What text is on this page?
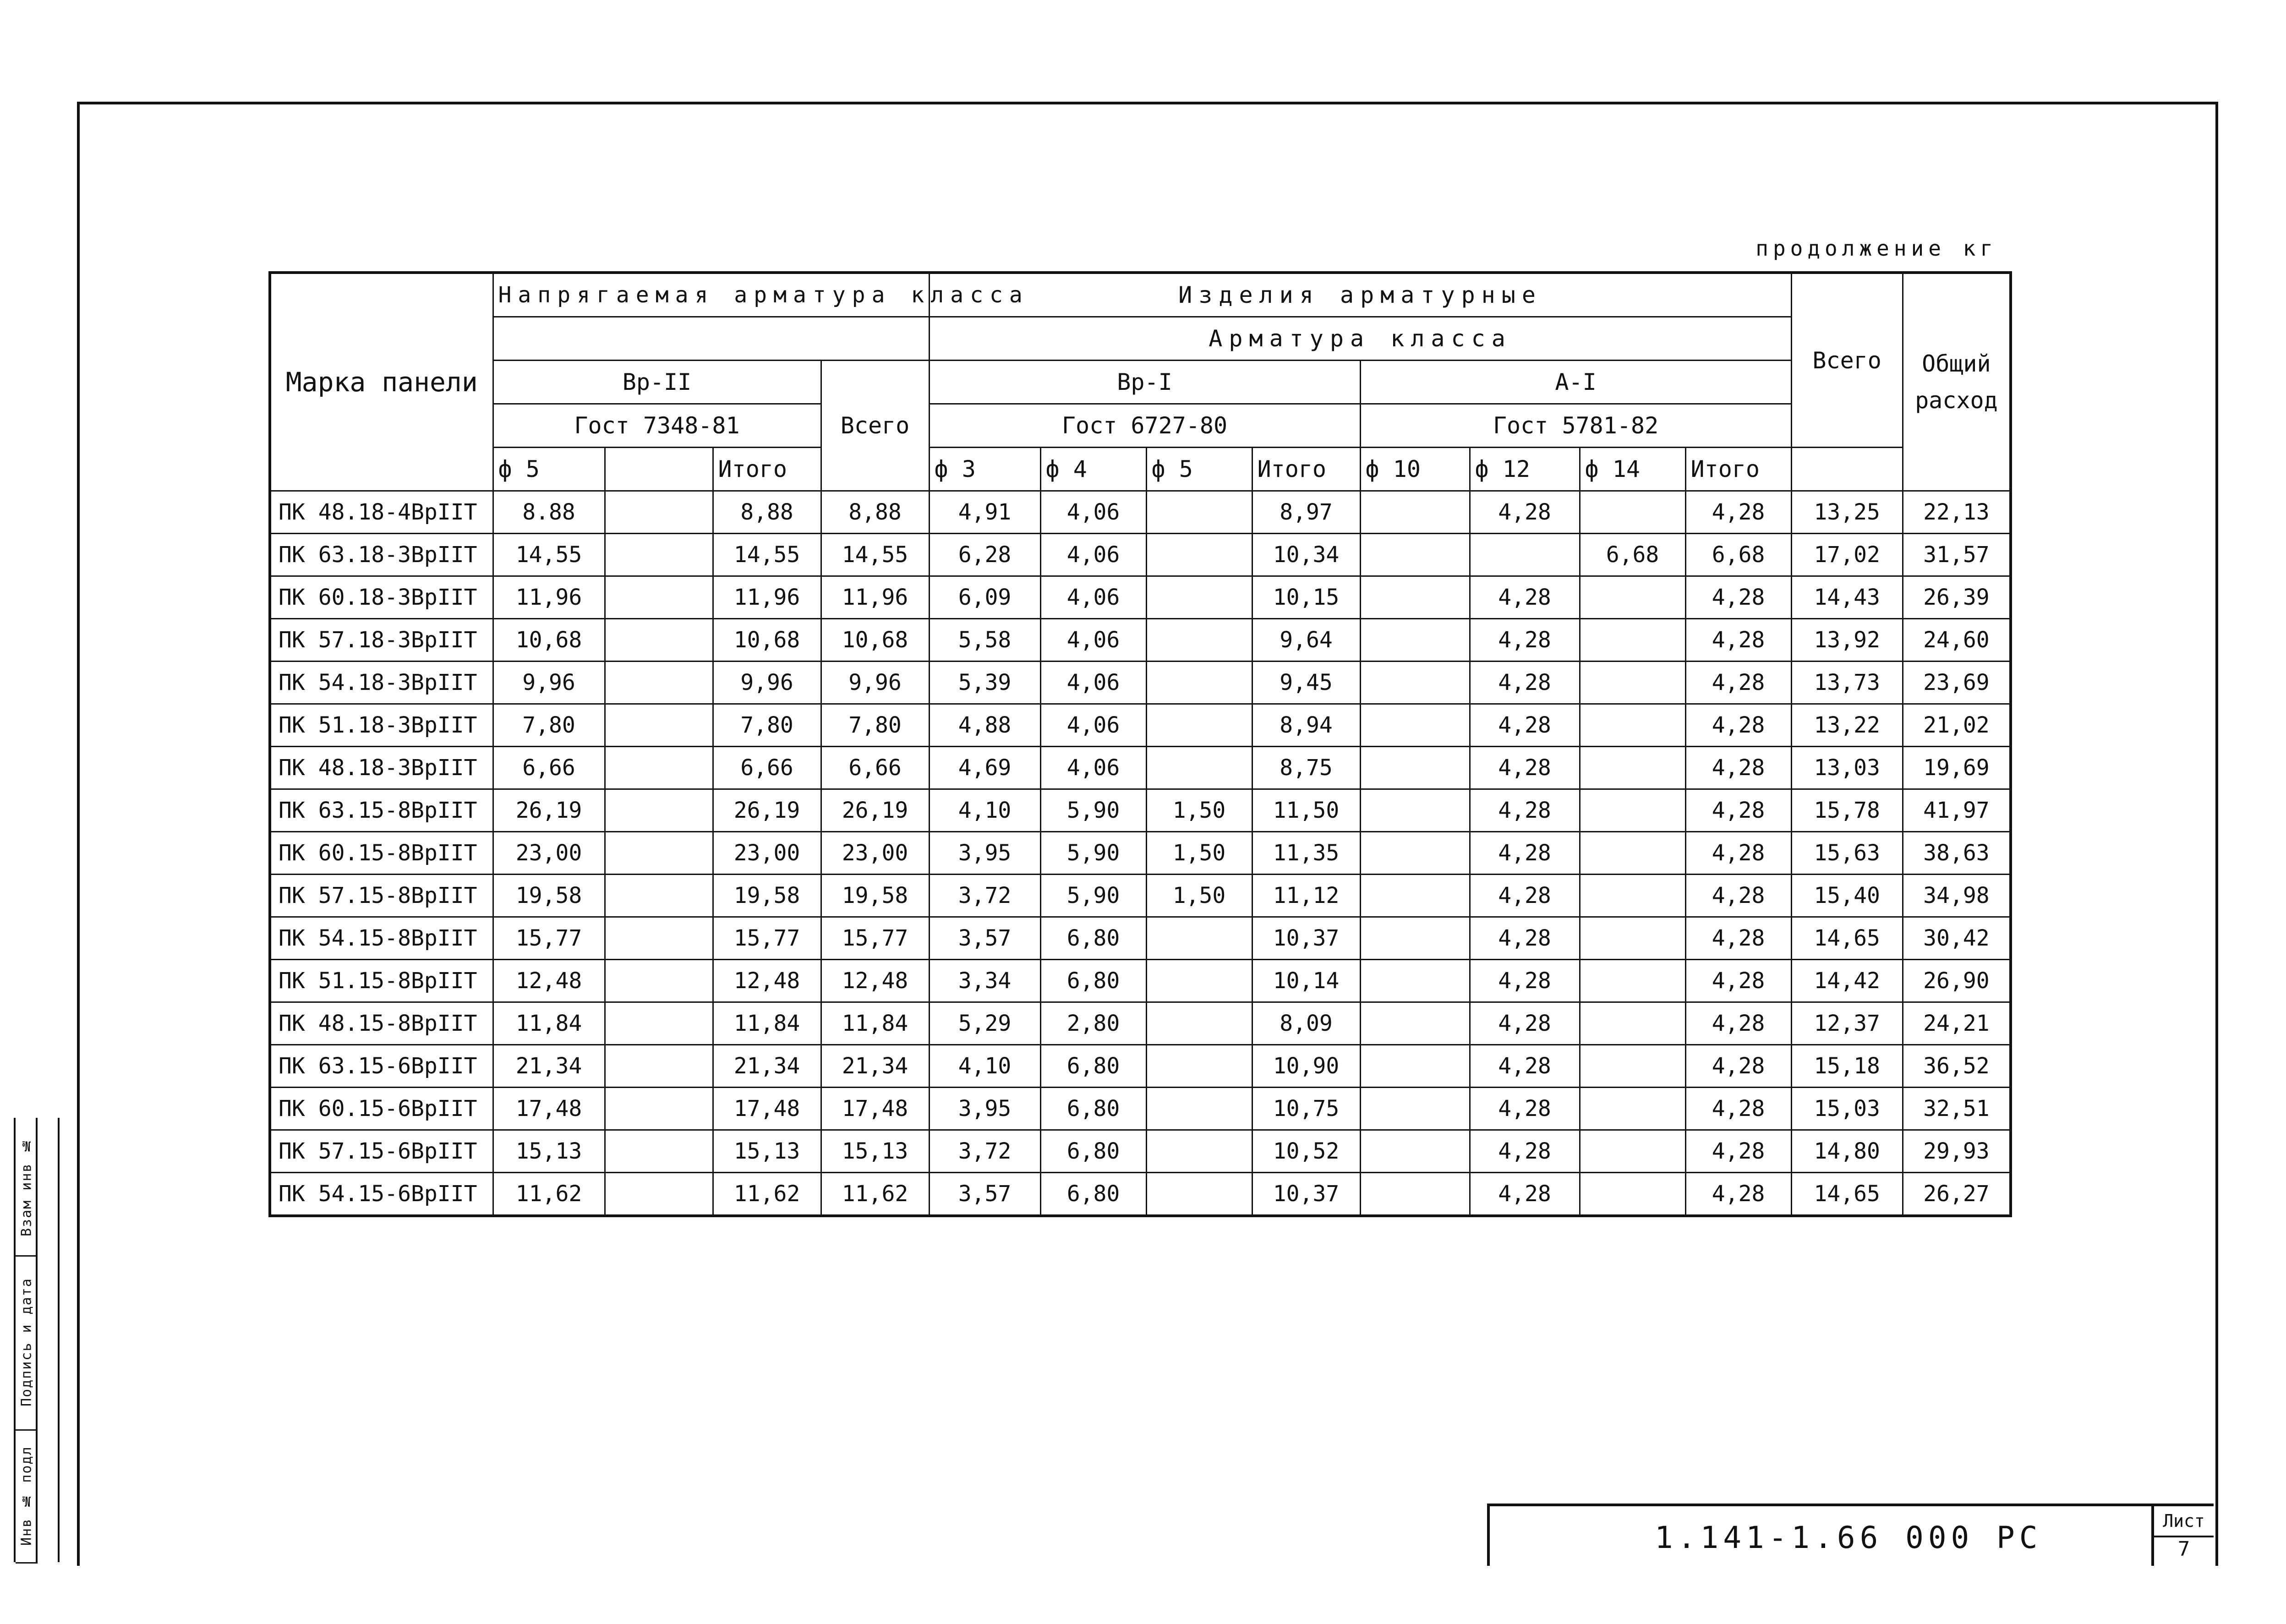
Взам инв №
Подпись и дата
Инв № подл
продолжение кг
Марка панели	Напрягаемая арматура класса				Изделия арматурные								Всего	Общий расход
					Арматура класса									
	Bp-II			Всего	Bp-I				А-I					
	Гост 7348-81				Гост 6727-80				Гост 5781-82					
	ф 5		Итого		ф 3	ф 4	ф 5	Итого	ф 10	ф 12	ф 14	Итого		
ПК 48.18-4ВрIIТ	8.88		8,88	8,88	4,91	4,06		8,97		4,28		4,28	13,25	22,13
ПК 63.18-3ВрIIТ	14,55		14,55	14,55	6,28	4,06		10,34			6,68	6,68	17,02	31,57
ПК 60.18-3ВрIIТ	11,96		11,96	11,96	6,09	4,06		10,15		4,28		4,28	14,43	26,39
ПК 57.18-3ВрIIТ	10,68		10,68	10,68	5,58	4,06		9,64		4,28		4,28	13,92	24,60
ПК 54.18-3ВрIIТ	9,96		9,96	9,96	5,39	4,06		9,45		4,28		4,28	13,73	23,69
ПК 51.18-3ВрIIТ	7,80		7,80	7,80	4,88	4,06		8,94		4,28		4,28	13,22	21,02
ПК 48.18-3ВрIIТ	6,66		6,66	6,66	4,69	4,06		8,75		4,28		4,28	13,03	19,69
ПК 63.15-8ВрIIТ	26,19		26,19	26,19	4,10	5,90	1,50	11,50		4,28		4,28	15,78	41,97
ПК 60.15-8ВрIIТ	23,00		23,00	23,00	3,95	5,90	1,50	11,35		4,28		4,28	15,63	38,63
ПК 57.15-8ВрIIТ	19,58		19,58	19,58	3,72	5,90	1,50	11,12		4,28		4,28	15,40	34,98
ПК 54.15-8ВрIIТ	15,77		15,77	15,77	3,57	6,80		10,37		4,28		4,28	14,65	30,42
ПК 51.15-8ВрIIТ	12,48		12,48	12,48	3,34	6,80		10,14		4,28		4,28	14,42	26,90
ПК 48.15-8ВрIIТ	11,84		11,84	11,84	5,29	2,80		8,09		4,28		4,28	12,37	24,21
ПК 63.15-6ВрIIТ	21,34		21,34	21,34	4,10	6,80		10,90		4,28		4,28	15,18	36,52
ПК 60.15-6ВрIIТ	17,48		17,48	17,48	3,95	6,80		10,75		4,28		4,28	15,03	32,51
ПК 57.15-6ВрIIТ	15,13		15,13	15,13	3,72	6,80		10,52		4,28		4,28	14,80	29,93
ПК 54.15-6ВрIIТ	11,62		11,62	11,62	3,57	6,80		10,37		4,28		4,28	14,65	26,27
1.141-1.66 000 РС	Лист
7
